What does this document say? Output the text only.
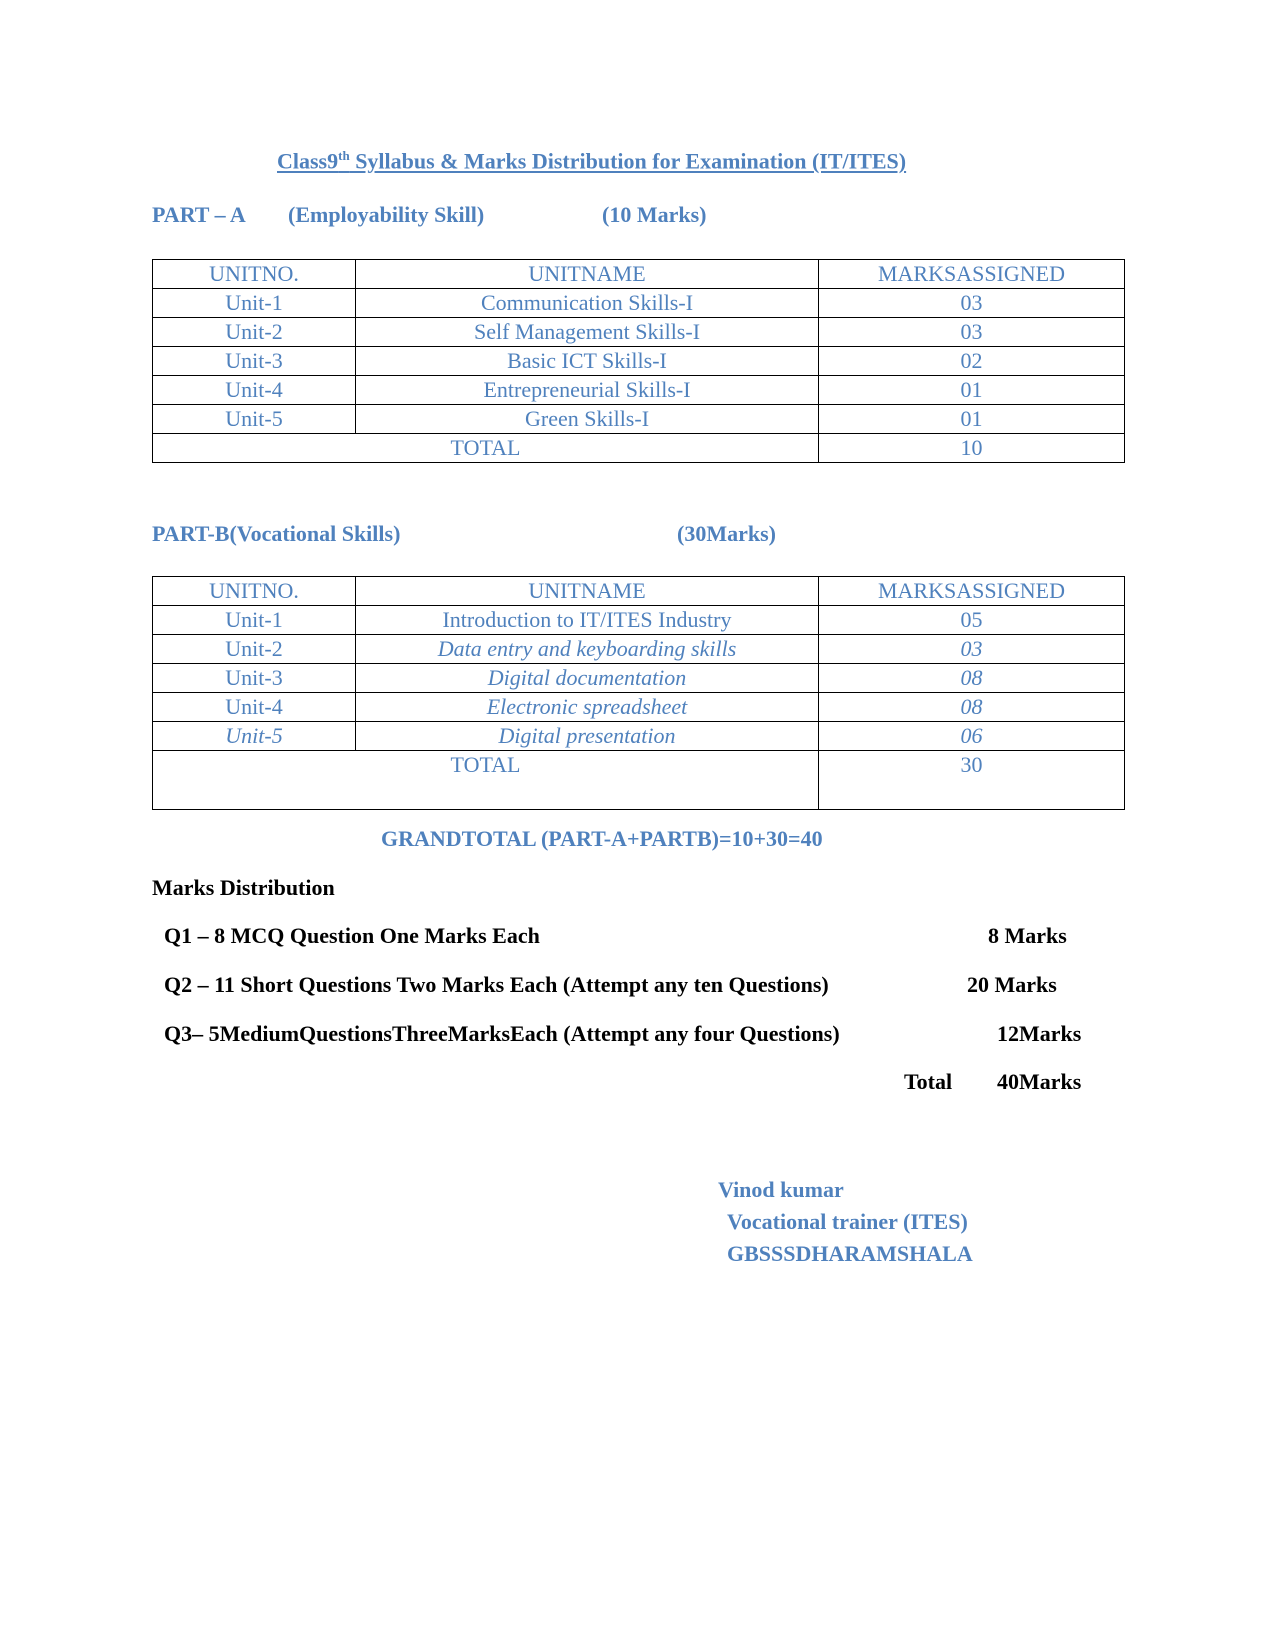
Class9th Syllabus & Marks Distribution for Examination (IT/ITES)
PART – A (Employability Skill)	(10 Marks)
UNITNO.	UNITNAME	MARKSASSIGNED
Unit-1	Communication Skills-I	03
Unit-2	Self Management Skills-I	03
Unit-3	Basic ICT Skills-I	02
Unit-4	Entrepreneurial Skills-I	01
Unit-5	Green Skills-I	01
TOTAL		10
PART-B(Vocational Skills)	(30Marks)
UNITNO.	UNITNAME	MARKSASSIGNED
Unit-1	Introduction to IT/ITES Industry	05
Unit-2	Data entry and keyboarding skills	03
Unit-3	Digital documentation	08
Unit-4	Electronic spreadsheet	08
Unit-5	Digital presentation	06
TOTAL		30
GRANDTOTAL (PART-A+PARTB)=10+30=40
Marks Distribution
Q1 – 8 MCQ Question One Marks Each	8 Marks
Q2 – 11 Short Questions Two Marks Each (Attempt any ten Questions)	20 Marks
Q3– 5MediumQuestionsThreeMarksEach (Attempt any four Questions)	12Marks
Total 40Marks
Vinod kumar
Vocational trainer (ITES)
GBSSSDHARAMSHALA
